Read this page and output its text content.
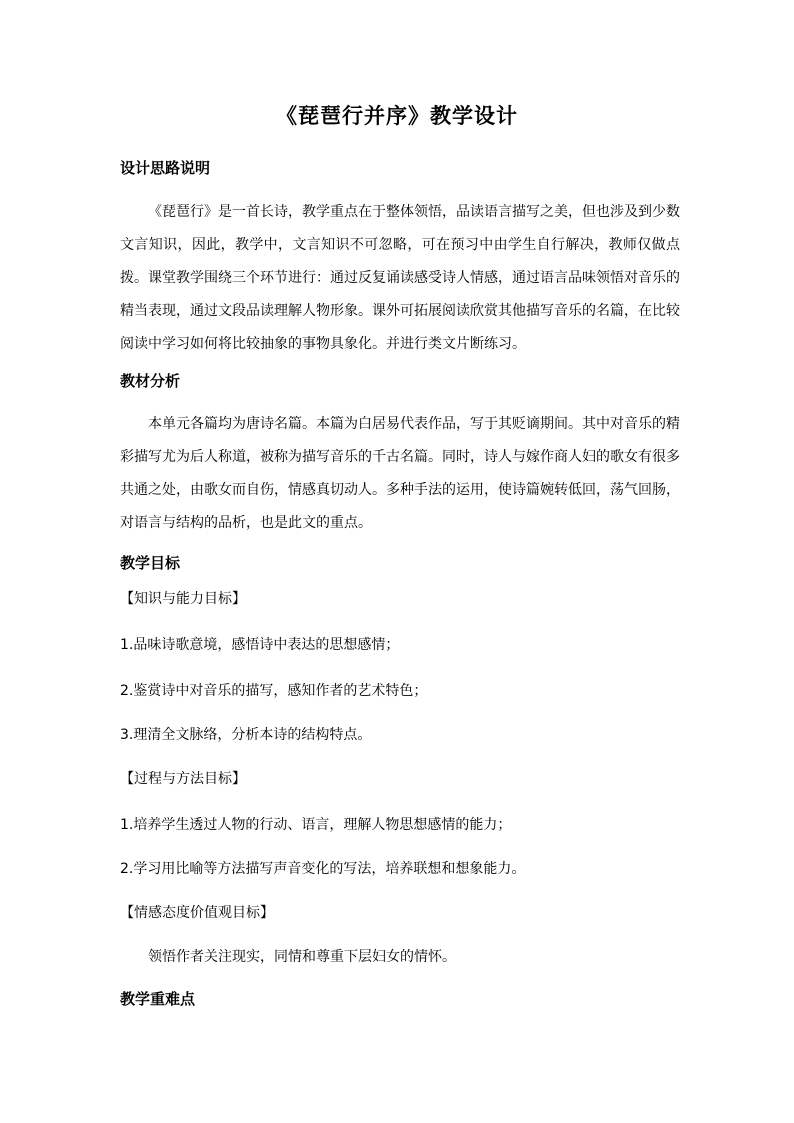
《琵琶行并序》教学设计
设计思路说明
《琵琶行》是一首长诗，教学重点在于整体领悟，品读语言描写之美，但也涉及到少数文言知识，因此，教学中，文言知识不可忽略，可在预习中由学生自行解决，教师仅做点拨。课堂教学围绕三个环节进行：通过反复诵读感受诗人情感，通过语言品味领悟对音乐的精当表现，通过文段品读理解人物形象。课外可拓展阅读欣赏其他描写音乐的名篇，在比较阅读中学习如何将比较抽象的事物具象化。并进行类文片断练习。
教材分析
本单元各篇均为唐诗名篇。本篇为白居易代表作品，写于其贬谪期间。其中对音乐的精彩描写尤为后人称道，被称为描写音乐的千古名篇。同时，诗人与嫁作商人妇的歌女有很多共通之处，由歌女而自伤，情感真切动人。多种手法的运用，使诗篇婉转低回，荡气回肠，对语言与结构的品析，也是此文的重点。
教学目标
【知识与能力目标】
1.品味诗歌意境，感悟诗中表达的思想感情；
2.鉴赏诗中对音乐的描写，感知作者的艺术特色；
3.理清全文脉络，分析本诗的结构特点。
【过程与方法目标】
1.培养学生透过人物的行动、语言，理解人物思想感情的能力；
2.学习用比喻等方法描写声音变化的写法，培养联想和想象能力。
【情感态度价值观目标】
领悟作者关注现实，同情和尊重下层妇女的情怀。
教学重难点
